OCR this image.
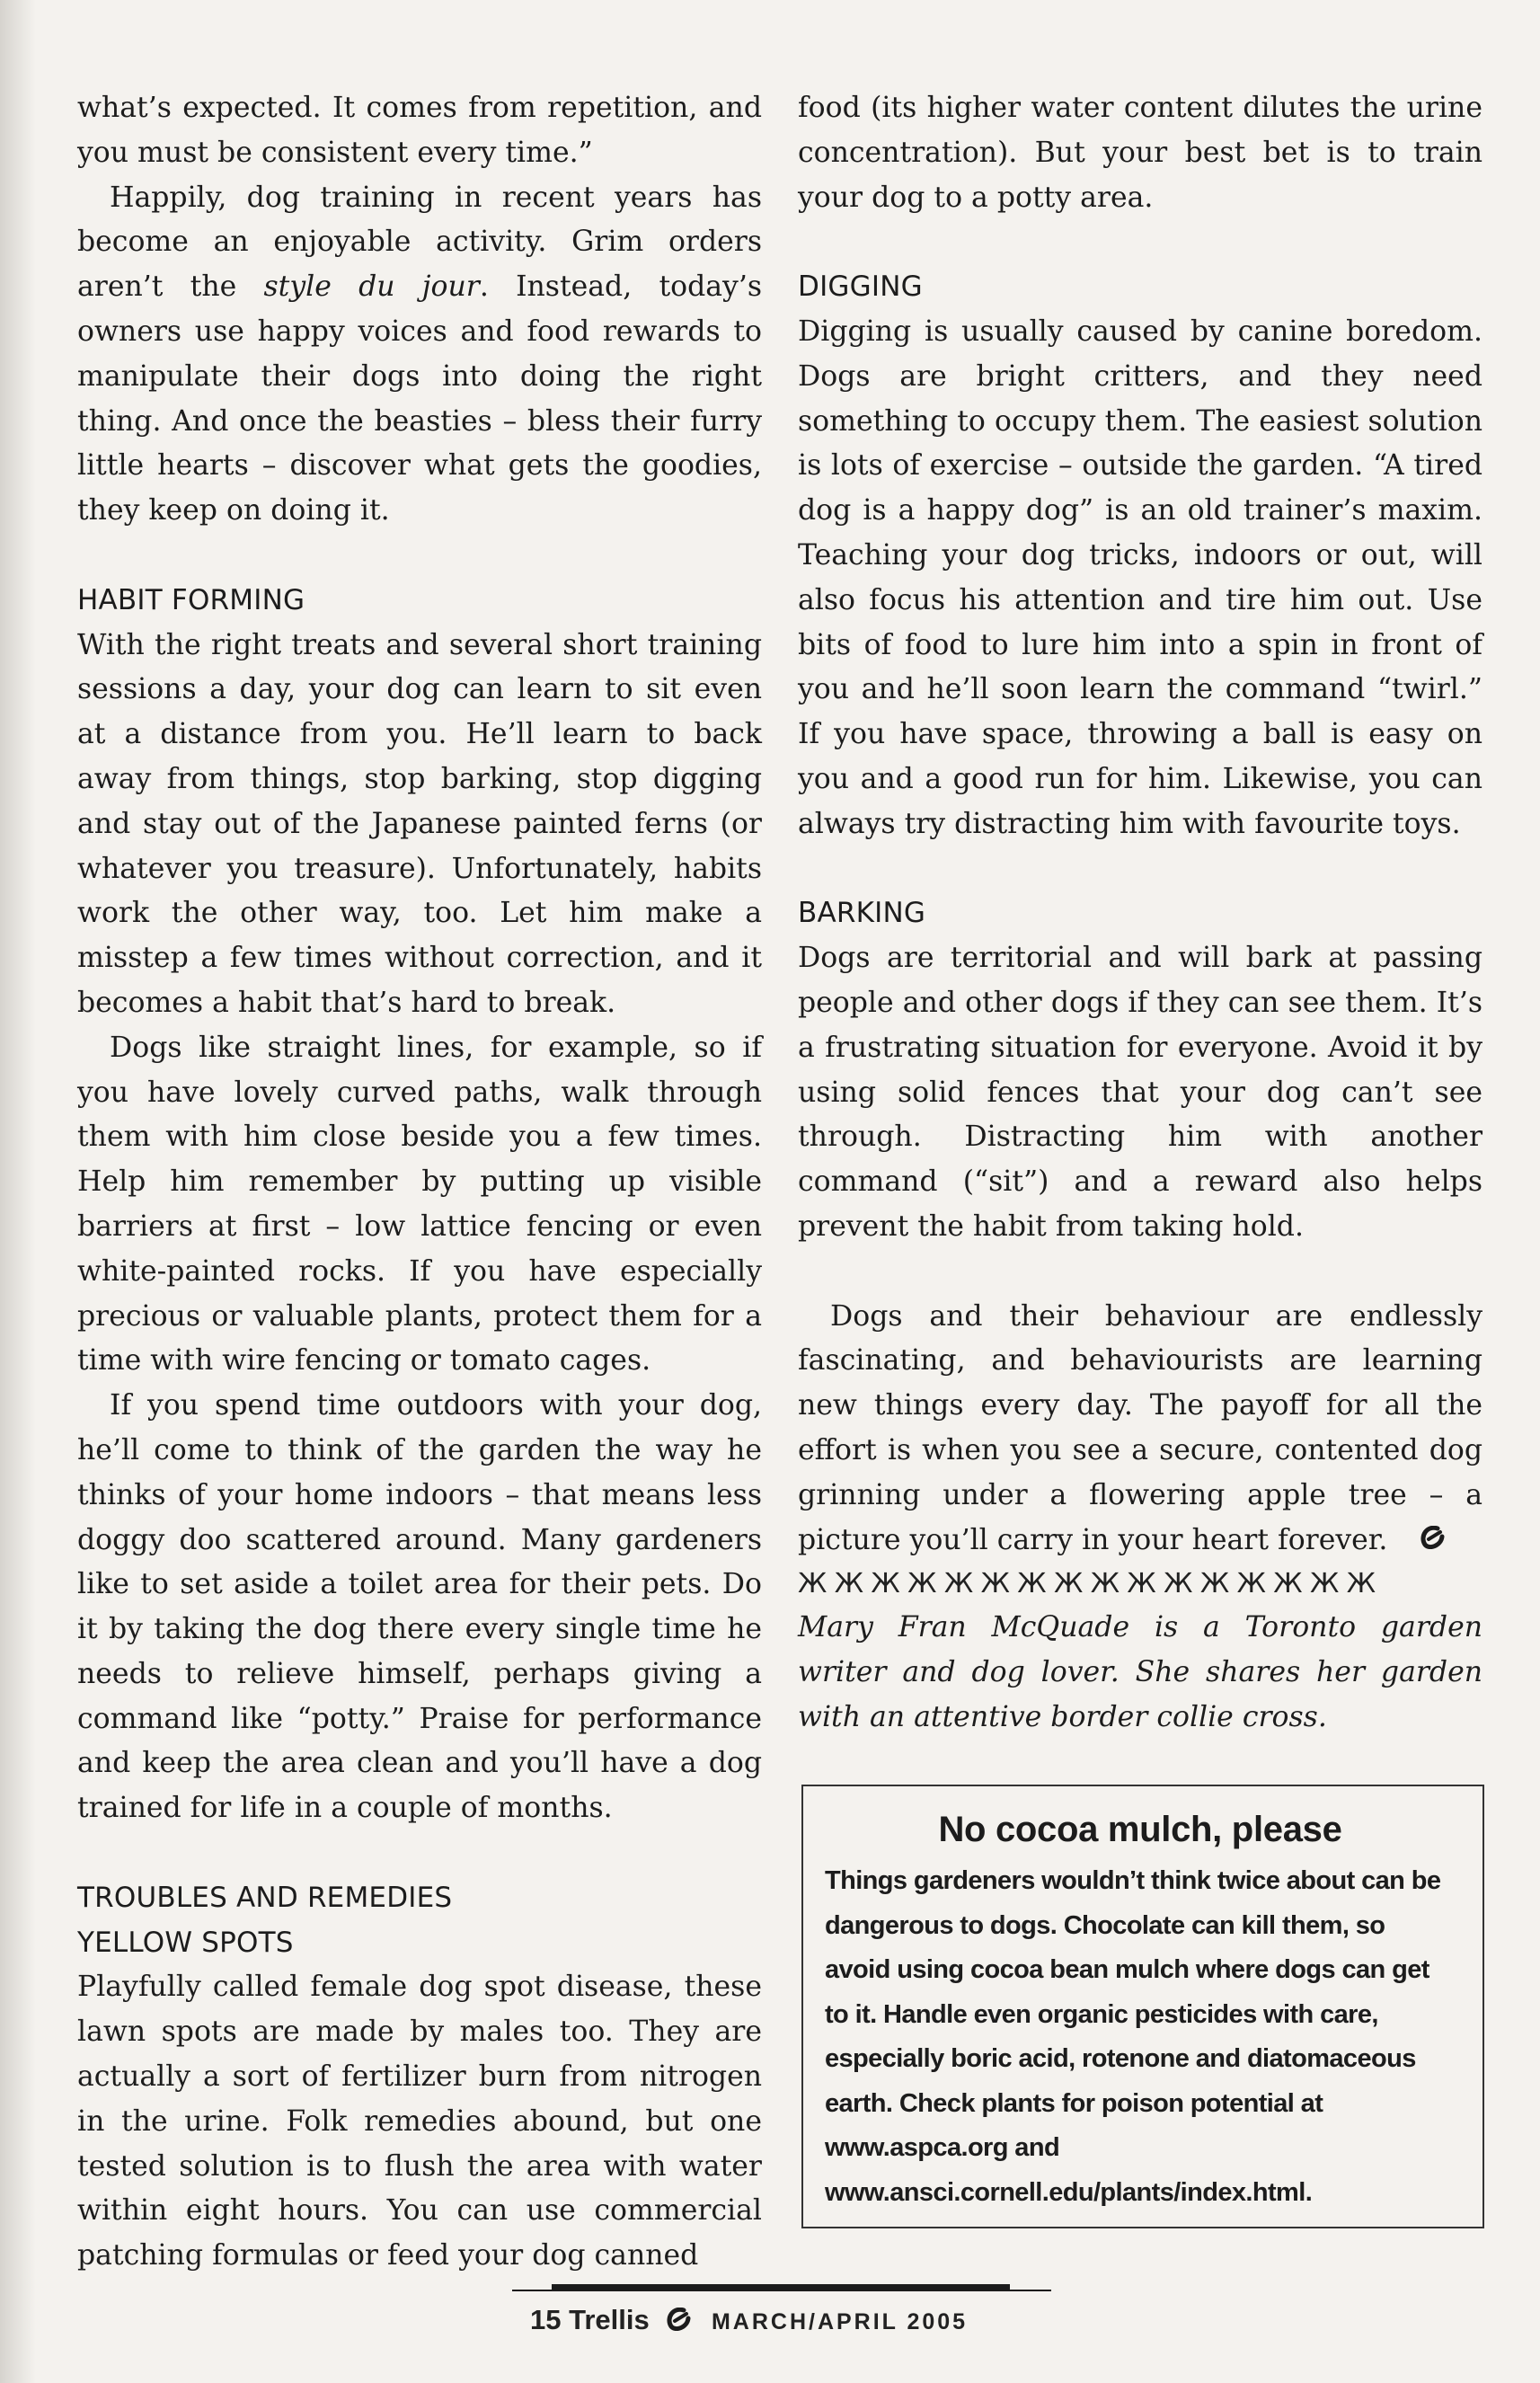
what’s expected. It comes from repetition, and you must be consistent every time.”

Happily, dog training in recent years has become an enjoyable activity. Grim orders aren’t the style du jour. Instead, today’s owners use happy voices and food rewards to manipulate their dogs into doing the right thing. And once the beasties – bless their furry little hearts – discover what gets the goodies, they keep on doing it.

HABIT FORMING

With the right treats and several short training sessions a day, your dog can learn to sit even at a distance from you. He’ll learn to back away from things, stop barking, stop digging and stay out of the Japanese painted ferns (or whatever you treasure). Unfortunately, habits work the other way, too. Let him make a misstep a few times without correction, and it becomes a habit that’s hard to break.

Dogs like straight lines, for example, so if you have lovely curved paths, walk through them with him close beside you a few times. Help him remember by putting up visible barriers at first – low lattice fencing or even white-painted rocks. If you have especially precious or valuable plants, protect them for a time with wire fencing or tomato cages.

If you spend time outdoors with your dog, he’ll come to think of the garden the way he thinks of your home indoors – that means less doggy doo scattered around. Many gardeners like to set aside a toilet area for their pets. Do it by taking the dog there every single time he needs to relieve himself, perhaps giving a command like “potty.” Praise for performance and keep the area clean and you’ll have a dog trained for life in a couple of months.

TROUBLES AND REMEDIES

YELLOW SPOTS

Playfully called female dog spot disease, these lawn spots are made by males too. They are actually a sort of fertilizer burn from nitrogen in the urine. Folk remedies abound, but one tested solution is to flush the area with water within eight hours. You can use commercial patching formulas or feed your dog canned

food (its higher water content dilutes the urine concentration). But your best bet is to train your dog to a potty area.

DIGGING

Digging is usually caused by canine boredom. Dogs are bright critters, and they need something to occupy them. The easiest solution is lots of exercise – outside the garden. “A tired dog is a happy dog” is an old trainer’s maxim. Teaching your dog tricks, indoors or out, will also focus his attention and tire him out. Use bits of food to lure him into a spin in front of you and he’ll soon learn the command “twirl.” If you have space, throwing a ball is easy on you and a good run for him. Likewise, you can always try distracting him with favourite toys.

BARKING

Dogs are territorial and will bark at passing people and other dogs if they can see them. It’s a frustrating situation for everyone. Avoid it by using solid fences that your dog can’t see through. Distracting him with another command (“sit”) and a reward also helps prevent the habit from taking hold.

Dogs and their behaviour are endlessly fascinating, and behaviourists are learning new things every day. The payoff for all the effort is when you see a secure, contented dog grinning under a flowering apple tree – a picture you’ll carry in your heart forever.

ЖЖЖЖЖЖЖЖЖЖЖЖЖЖЖЖ

Mary Fran McQuade is a Toronto garden writer and dog lover. She shares her garden with an attentive border collie cross.

No cocoa mulch, please

Things gardeners wouldn’t think twice about can be dangerous to dogs. Chocolate can kill them, so avoid using cocoa bean mulch where dogs can get to it. Handle even organic pesticides with care, especially boric acid, rotenone and diatomaceous earth. Check plants for poison potential at www.aspca.org and www.ansci.cornell.edu/plants/index.html.

15 Trellis	MARCH/APRIL 2005
